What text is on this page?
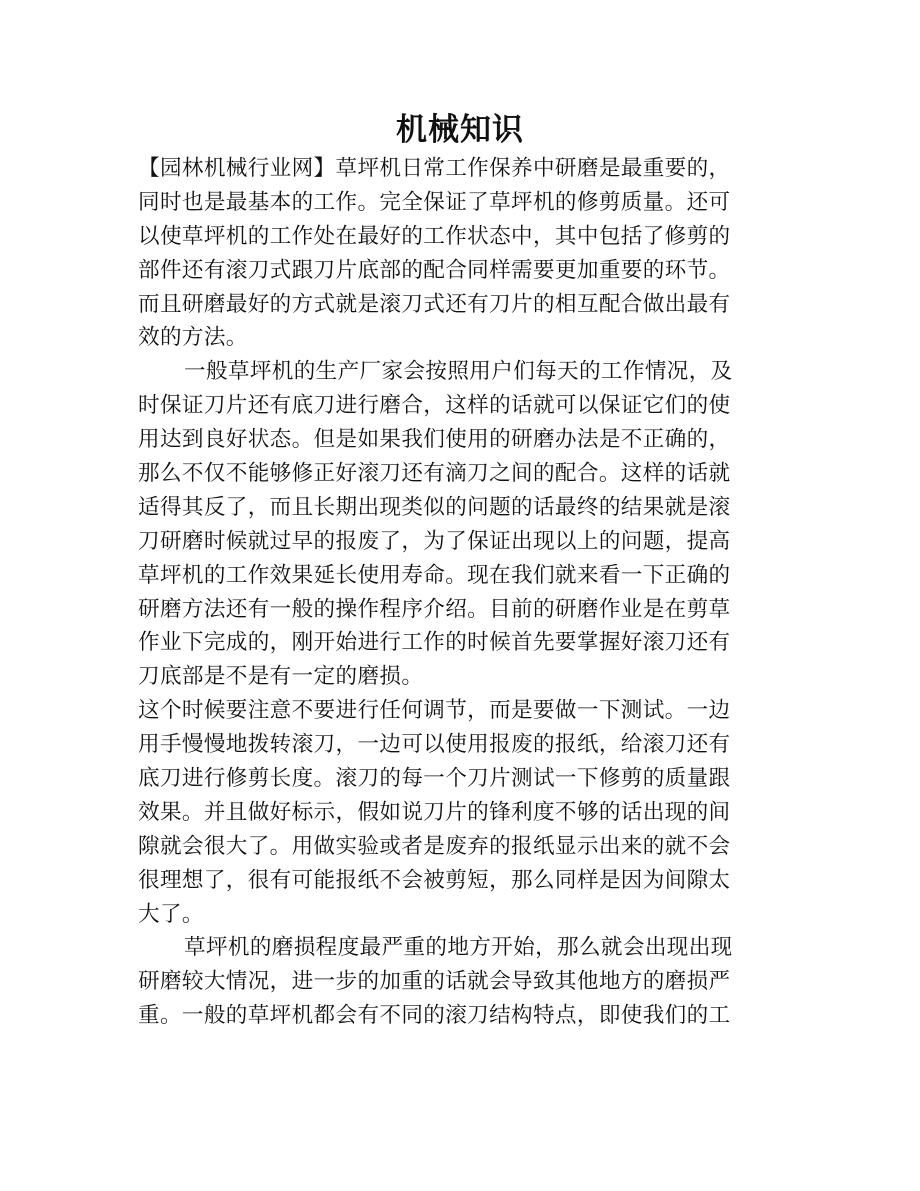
机械知识
【园林机械行业网】草坪机日常工作保养中研磨是最重要的，
同时也是最基本的工作。完全保证了草坪机的修剪质量。还可
以使草坪机的工作处在最好的工作状态中，其中包括了修剪的
部件还有滚刀式跟刀片底部的配合同样需要更加重要的环节。
而且研磨最好的方式就是滚刀式还有刀片的相互配合做出最有
效的方法。
一般草坪机的生产厂家会按照用户们每天的工作情况，及
时保证刀片还有底刀进行磨合，这样的话就可以保证它们的使
用达到良好状态。但是如果我们使用的研磨办法是不正确的，
那么不仅不能够修正好滚刀还有滴刀之间的配合。这样的话就
适得其反了，而且长期出现类似的问题的话最终的结果就是滚
刀研磨时候就过早的报废了，为了保证出现以上的问题，提高
草坪机的工作效果延长使用寿命。现在我们就来看一下正确的
研磨方法还有一般的操作程序介绍。目前的研磨作业是在剪草
作业下完成的，刚开始进行工作的时候首先要掌握好滚刀还有
刀底部是不是有一定的磨损。
这个时候要注意不要进行任何调节，而是要做一下测试。一边
用手慢慢地拨转滚刀，一边可以使用报废的报纸，给滚刀还有
底刀进行修剪长度。滚刀的每一个刀片测试一下修剪的质量跟
效果。并且做好标示，假如说刀片的锋利度不够的话出现的间
隙就会很大了。用做实验或者是废弃的报纸显示出来的就不会
很理想了，很有可能报纸不会被剪短，那么同样是因为间隙太
大了。
草坪机的磨损程度最严重的地方开始，那么就会出现出现
研磨较大情况，进一步的加重的话就会导致其他地方的磨损严
重。一般的草坪机都会有不同的滚刀结构特点，即使我们的工
